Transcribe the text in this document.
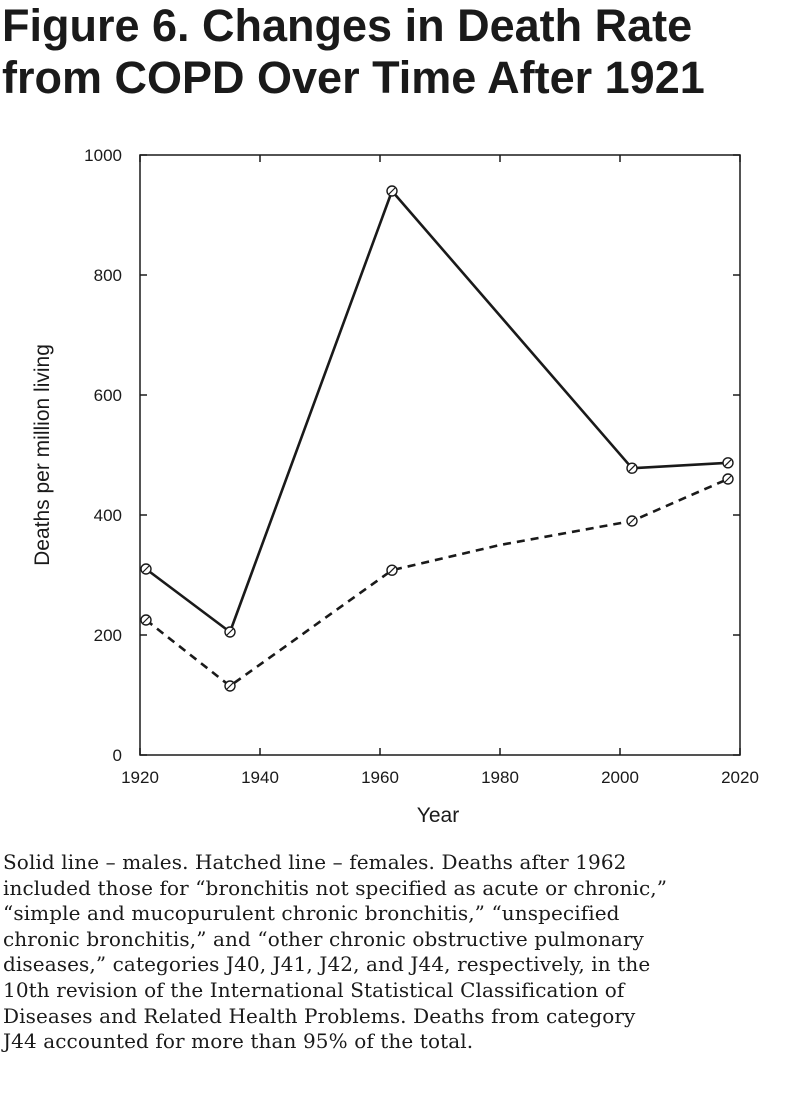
Figure 6. Changes in Death Rate
from COPD Over Time After 1921
1920	1940	1960	1980	2000	2020
0
200
400
600
800
1000
Year
Deaths per million living
Solid line – males. Hatched line – females. Deaths after 1962
included those for “bronchitis not specified as acute or chronic,”
“simple and mucopurulent chronic bronchitis,” “unspecified
chronic bronchitis,” and “other chronic obstructive pulmonary
diseases,” categories J40, J41, J42, and J44, respectively, in the
10th revision of the International Statistical Classification of
Diseases and Related Health Problems. Deaths from category
J44 accounted for more than 95% of the total.
